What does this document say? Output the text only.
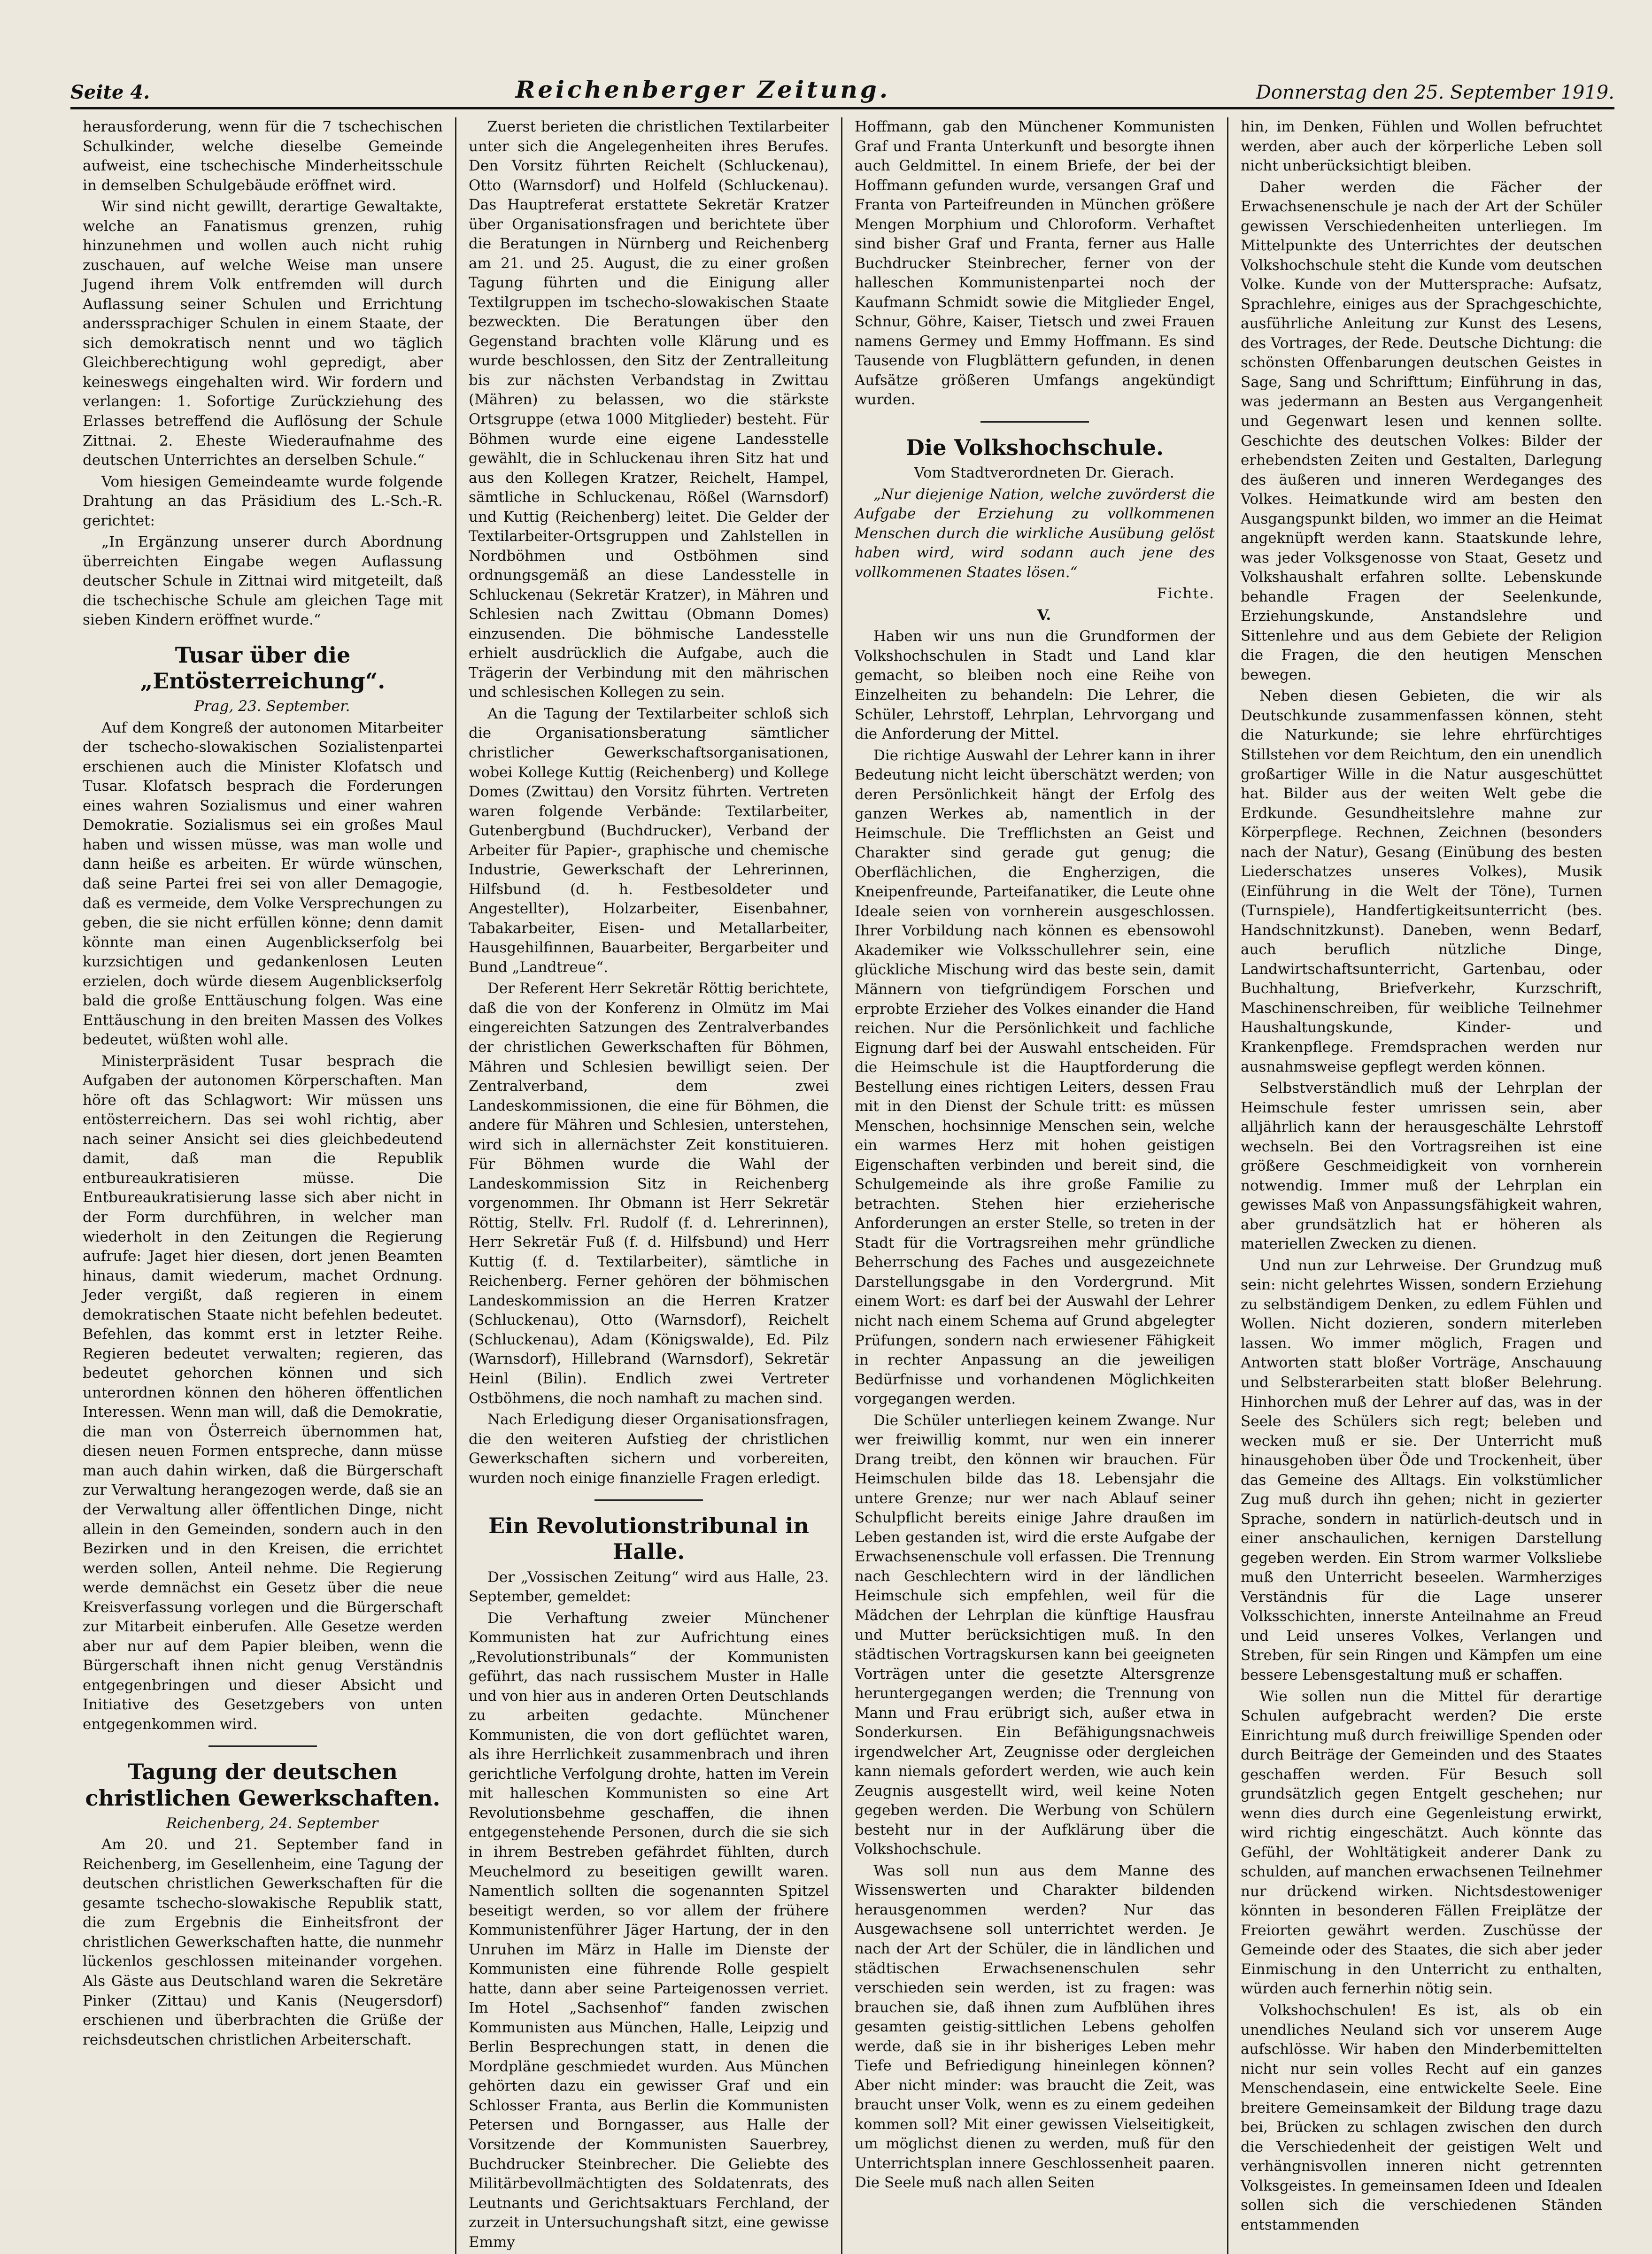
Seite 4.	Reichenberger Zeitung.	Donnerstag den 25. September 1919.

herausforderung, wenn für die 7 tschechischen Schulkinder, welche dieselbe Gemeinde aufweist, eine tschechische Minderheitsschule in demselben Schulgebäude eröffnet wird.

Wir sind nicht gewillt, derartige Gewaltakte, welche an Fanatismus grenzen, ruhig hinzunehmen und wollen auch nicht ruhig zuschauen, auf welche Weise man unsere Jugend ihrem Volk entfremden will durch Auflassung seiner Schulen und Errichtung anderssprachiger Schulen in einem Staate, der sich demokratisch nennt und wo täglich Gleichberechtigung wohl gepredigt, aber keineswegs eingehalten wird. Wir fordern und verlangen: 1. Sofortige Zurückziehung des Erlasses betreffend die Auflösung der Schule Zittnai. 2. Eheste Wiederaufnahme des deutschen Unterrichtes an derselben Schule.“

Vom hiesigen Gemeindeamte wurde folgende Drahtung an das Präsidium des L.-Sch.-R. gerichtet:

„In Ergänzung unserer durch Abordnung überreichten Eingabe wegen Auflassung deutscher Schule in Zittnai wird mitgeteilt, daß die tschechische Schule am gleichen Tage mit sieben Kindern eröffnet wurde.“

Tusar über die „Entösterreichung“.

Prag, 23. September.

Auf dem Kongreß der autonomen Mitarbeiter der tschecho-slowakischen Sozialistenpartei erschienen auch die Minister Klofatsch und Tusar. Klofatsch besprach die Forderungen eines wahren Sozialismus und einer wahren Demokratie. Sozialismus sei ein großes Maul haben und wissen müsse, was man wolle und dann heiße es arbeiten. Er würde wünschen, daß seine Partei frei sei von aller Demagogie, daß es vermeide, dem Volke Versprechungen zu geben, die sie nicht erfüllen könne; denn damit könnte man einen Augenblickserfolg bei kurzsichtigen und gedankenlosen Leuten erzielen, doch würde diesem Augenblickserfolg bald die große Enttäuschung folgen. Was eine Enttäuschung in den breiten Massen des Volkes bedeutet, wüßten wohl alle.

Ministerpräsident Tusar besprach die Aufgaben der autonomen Körperschaften. Man höre oft das Schlagwort: Wir müssen uns entösterreichern. Das sei wohl richtig, aber nach seiner Ansicht sei dies gleichbedeutend damit, daß man die Republik entbureaukratisieren müsse. Die Entbureaukratisierung lasse sich aber nicht in der Form durchführen, in welcher man wiederholt in den Zeitungen die Regierung aufrufe: Jaget hier diesen, dort jenen Beamten hinaus, damit wiederum, machet Ordnung. Jeder vergißt, daß regieren in einem demokratischen Staate nicht befehlen bedeutet. Befehlen, das kommt erst in letzter Reihe. Regieren bedeutet verwalten; regieren, das bedeutet gehorchen können und sich unterordnen können den höheren öffentlichen Interessen. Wenn man will, daß die Demokratie, die man von Österreich übernommen hat, diesen neuen Formen entspreche, dann müsse man auch dahin wirken, daß die Bürgerschaft zur Verwaltung herangezogen werde, daß sie an der Verwaltung aller öffentlichen Dinge, nicht allein in den Gemeinden, sondern auch in den Bezirken und in den Kreisen, die errichtet werden sollen, Anteil nehme. Die Regierung werde demnächst ein Gesetz über die neue Kreisverfassung vorlegen und die Bürgerschaft zur Mitarbeit einberufen. Alle Gesetze werden aber nur auf dem Papier bleiben, wenn die Bürgerschaft ihnen nicht genug Verständnis entgegenbringen und dieser Absicht und Initiative des Gesetzgebers von unten entgegenkommen wird.

Tagung der deutschen christlichen Gewerkschaften.

Reichenberg, 24. September

Am 20. und 21. September fand in Reichenberg, im Gesellenheim, eine Tagung der deutschen christlichen Gewerkschaften für die gesamte tschecho-slowakische Republik statt, die zum Ergebnis die Einheitsfront der christlichen Gewerkschaften hatte, die nunmehr lückenlos geschlossen miteinander vorgehen. Als Gäste aus Deutschland waren die Sekretäre Pinker (Zittau) und Kanis (Neugersdorf) erschienen und überbrachten die Grüße der reichsdeutschen christlichen Arbeiterschaft.

Zuerst berieten die christlichen Textilarbeiter unter sich die Angelegenheiten ihres Berufes. Den Vorsitz führten Reichelt (Schluckenau), Otto (Warnsdorf) und Holfeld (Schluckenau). Das Hauptreferat erstattete Sekretär Kratzer über Organisationsfragen und berichtete über die Beratungen in Nürnberg und Reichenberg am 21. und 25. August, die zu einer großen Tagung führten und die Einigung aller Textilgruppen im tschecho-slowakischen Staate bezweckten. Die Beratungen über den Gegenstand brachten volle Klärung und es wurde beschlossen, den Sitz der Zentralleitung bis zur nächsten Verbandstag in Zwittau (Mähren) zu belassen, wo die stärkste Ortsgruppe (etwa 1000 Mitglieder) besteht. Für Böhmen wurde eine eigene Landesstelle gewählt, die in Schluckenau ihren Sitz hat und aus den Kollegen Kratzer, Reichelt, Hampel, sämtliche in Schluckenau, Rößel (Warnsdorf) und Kuttig (Reichenberg) leitet. Die Gelder der Textilarbeiter-Ortsgruppen und Zahlstellen in Nordböhmen und Ostböhmen sind ordnungsgemäß an diese Landesstelle in Schluckenau (Sekretär Kratzer), in Mähren und Schlesien nach Zwittau (Obmann Domes) einzusenden. Die böhmische Landesstelle erhielt ausdrücklich die Aufgabe, auch die Trägerin der Verbindung mit den mährischen und schlesischen Kollegen zu sein.

An die Tagung der Textilarbeiter schloß sich die Organisationsberatung sämtlicher christlicher Gewerkschaftsorganisationen, wobei Kollege Kuttig (Reichenberg) und Kollege Domes (Zwittau) den Vorsitz führten. Vertreten waren folgende Verbände: Textilarbeiter, Gutenbergbund (Buchdrucker), Verband der Arbeiter für Papier-, graphische und chemische Industrie, Gewerkschaft der Lehrerinnen, Hilfsbund (d. h. Festbesoldeter und Angestellter), Holzarbeiter, Eisenbahner, Tabakarbeiter, Eisen- und Metallarbeiter, Hausgehilfinnen, Bauarbeiter, Bergarbeiter und Bund „Landtreue“.

Der Referent Herr Sekretär Röttig berichtete, daß die von der Konferenz in Olmütz im Mai eingereichten Satzungen des Zentralverbandes der christlichen Gewerkschaften für Böhmen, Mähren und Schlesien bewilligt seien. Der Zentralverband, dem zwei Landeskommissionen, die eine für Böhmen, die andere für Mähren und Schlesien, unterstehen, wird sich in allernächster Zeit konstituieren. Für Böhmen wurde die Wahl der Landeskommission Sitz in Reichenberg vorgenommen. Ihr Obmann ist Herr Sekretär Röttig, Stellv. Frl. Rudolf (f. d. Lehrerinnen), Herr Sekretär Fuß (f. d. Hilfsbund) und Herr Kuttig (f. d. Textilarbeiter), sämtliche in Reichenberg. Ferner gehören der böhmischen Landeskommission an die Herren Kratzer (Schluckenau), Otto (Warnsdorf), Reichelt (Schluckenau), Adam (Königswalde), Ed. Pilz (Warnsdorf), Hillebrand (Warnsdorf), Sekretär Heinl (Bilin). Endlich zwei Vertreter Ostböhmens, die noch namhaft zu machen sind.

Nach Erledigung dieser Organisationsfragen, die den weiteren Aufstieg der christlichen Gewerkschaften sichern und vorbereiten, wurden noch einige finanzielle Fragen erledigt.

Ein Revolutionstribunal in Halle.

Der „Vossischen Zeitung“ wird aus Halle, 23. September, gemeldet:

Die Verhaftung zweier Münchener Kommunisten hat zur Aufrichtung eines „Revolutionstribunals“ der Kommunisten geführt, das nach russischem Muster in Halle und von hier aus in anderen Orten Deutschlands zu arbeiten gedachte. Münchener Kommunisten, die von dort geflüchtet waren, als ihre Herrlichkeit zusammenbrach und ihren gerichtliche Verfolgung drohte, hatten im Verein mit halleschen Kommunisten so eine Art Revolutionsbehme geschaffen, die ihnen entgegenstehende Personen, durch die sie sich in ihrem Bestreben gefährdet fühlten, durch Meuchelmord zu beseitigen gewillt waren. Namentlich sollten die sogenannten Spitzel beseitigt werden, so vor allem der frühere Kommunistenführer Jäger Hartung, der in den Unruhen im März in Halle im Dienste der Kommunisten eine führende Rolle gespielt hatte, dann aber seine Parteigenossen verriet. Im Hotel „Sachsenhof“ fanden zwischen Kommunisten aus München, Halle, Leipzig und Berlin Besprechungen statt, in denen die Mordpläne geschmiedet wurden. Aus München gehörten dazu ein gewisser Graf und ein Schlosser Franta, aus Berlin die Kommunisten Petersen und Borngasser, aus Halle der Vorsitzende der Kommunisten Sauerbrey, Buchdrucker Steinbrecher. Die Geliebte des Militärbevollmächtigten des Soldatenrats, des Leutnants und Gerichtsaktuars Ferchland, der zurzeit in Untersuchungshaft sitzt, eine gewisse Emmy

Hoffmann, gab den Münchener Kommunisten Graf und Franta Unterkunft und besorgte ihnen auch Geldmittel. In einem Briefe, der bei der Hoffmann gefunden wurde, versangen Graf und Franta von Parteifreunden in München größere Mengen Morphium und Chloroform. Verhaftet sind bisher Graf und Franta, ferner aus Halle Buchdrucker Steinbrecher, ferner von der halleschen Kommunistenpartei noch der Kaufmann Schmidt sowie die Mitglieder Engel, Schnur, Göhre, Kaiser, Tietsch und zwei Frauen namens Germey und Emmy Hoffmann. Es sind Tausende von Flugblättern gefunden, in denen Aufsätze größeren Umfangs angekündigt wurden.

Die Volkshochschule.

Vom Stadtverordneten Dr. Gierach.

„Nur diejenige Nation, welche zuvörderst die Aufgabe der Erziehung zu vollkommenen Menschen durch die wirkliche Ausübung gelöst haben wird, wird sodann auch jene des vollkommenen Staates lösen.“

Fichte.

V.

Haben wir uns nun die Grundformen der Volkshochschulen in Stadt und Land klar gemacht, so bleiben noch eine Reihe von Einzelheiten zu behandeln: Die Lehrer, die Schüler, Lehrstoff, Lehrplan, Lehrvorgang und die Anforderung der Mittel.

Die richtige Auswahl der Lehrer kann in ihrer Bedeutung nicht leicht überschätzt werden; von deren Persönlichkeit hängt der Erfolg des ganzen Werkes ab, namentlich in der Heimschule. Die Trefflichsten an Geist und Charakter sind gerade gut genug; die Oberflächlichen, die Engherzigen, die Kneipenfreunde, Parteifanatiker, die Leute ohne Ideale seien von vornherein ausgeschlossen. Ihrer Vorbildung nach können es ebensowohl Akademiker wie Volksschullehrer sein, eine glückliche Mischung wird das beste sein, damit Männern von tiefgründigem Forschen und erprobte Erzieher des Volkes einander die Hand reichen. Nur die Persönlichkeit und fachliche Eignung darf bei der Auswahl entscheiden. Für die Heimschule ist die Hauptforderung die Bestellung eines richtigen Leiters, dessen Frau mit in den Dienst der Schule tritt: es müssen Menschen, hochsinnige Menschen sein, welche ein warmes Herz mit hohen geistigen Eigenschaften verbinden und bereit sind, die Schulgemeinde als ihre große Familie zu betrachten. Stehen hier erzieherische Anforderungen an erster Stelle, so treten in der Stadt für die Vortragsreihen mehr gründliche Beherrschung des Faches und ausgezeichnete Darstellungsgabe in den Vordergrund. Mit einem Wort: es darf bei der Auswahl der Lehrer nicht nach einem Schema auf Grund abgelegter Prüfungen, sondern nach erwiesener Fähigkeit in rechter Anpassung an die jeweiligen Bedürfnisse und vorhandenen Möglichkeiten vorgegangen werden.

Die Schüler unterliegen keinem Zwange. Nur wer freiwillig kommt, nur wen ein innerer Drang treibt, den können wir brauchen. Für Heimschulen bilde das 18. Lebensjahr die untere Grenze; nur wer nach Ablauf seiner Schulpflicht bereits einige Jahre draußen im Leben gestanden ist, wird die erste Aufgabe der Erwachsenenschule voll erfassen. Die Trennung nach Geschlechtern wird in der ländlichen Heimschule sich empfehlen, weil für die Mädchen der Lehrplan die künftige Hausfrau und Mutter berücksichtigen muß. In den städtischen Vortragskursen kann bei geeigneten Vorträgen unter die gesetzte Altersgrenze heruntergegangen werden; die Trennung von Mann und Frau erübrigt sich, außer etwa in Sonderkursen. Ein Befähigungsnachweis irgendwelcher Art, Zeugnisse oder dergleichen kann niemals gefordert werden, wie auch kein Zeugnis ausgestellt wird, weil keine Noten gegeben werden. Die Werbung von Schülern besteht nur in der Aufklärung über die Volkshochschule.

Was soll nun aus dem Manne des Wissenswerten und Charakter bildenden herausgenommen werden? Nur das Ausgewachsene soll unterrichtet werden. Je nach der Art der Schüler, die in ländlichen und städtischen Erwachsenenschulen sehr verschieden sein werden, ist zu fragen: was brauchen sie, daß ihnen zum Aufblühen ihres gesamten geistig-sittlichen Lebens geholfen werde, daß sie in ihr bisheriges Leben mehr Tiefe und Befriedigung hineinlegen können? Aber nicht minder: was braucht die Zeit, was braucht unser Volk, wenn es zu einem gedeihen kommen soll? Mit einer gewissen Vielseitigkeit, um möglichst dienen zu werden, muß für den Unterrichtsplan innere Geschlossenheit paaren. Die Seele muß nach allen Seiten

hin, im Denken, Fühlen und Wollen befruchtet werden, aber auch der körperliche Leben soll nicht unberücksichtigt bleiben.

Daher werden die Fächer der Erwachsenenschule je nach der Art der Schüler gewissen Verschiedenheiten unterliegen. Im Mittelpunkte des Unterrichtes der deutschen Volkshochschule steht die Kunde vom deutschen Volke. Kunde von der Muttersprache: Aufsatz, Sprachlehre, einiges aus der Sprachgeschichte, ausführliche Anleitung zur Kunst des Lesens, des Vortrages, der Rede. Deutsche Dichtung: die schönsten Offenbarungen deutschen Geistes in Sage, Sang und Schrifttum; Einführung in das, was jedermann an Besten aus Vergangenheit und Gegenwart lesen und kennen sollte. Geschichte des deutschen Volkes: Bilder der erhebendsten Zeiten und Gestalten, Darlegung des äußeren und inneren Werdeganges des Volkes. Heimatkunde wird am besten den Ausgangspunkt bilden, wo immer an die Heimat angeknüpft werden kann. Staatskunde lehre, was jeder Volksgenosse von Staat, Gesetz und Volkshaushalt erfahren sollte. Lebenskunde behandle Fragen der Seelenkunde, Erziehungskunde, Anstandslehre und Sittenlehre und aus dem Gebiete der Religion die Fragen, die den heutigen Menschen bewegen.

Neben diesen Gebieten, die wir als Deutschkunde zusammenfassen können, steht die Naturkunde; sie lehre ehrfürchtiges Stillstehen vor dem Reichtum, den ein unendlich großartiger Wille in die Natur ausgeschüttet hat. Bilder aus der weiten Welt gebe die Erdkunde. Gesundheitslehre mahne zur Körperpflege. Rechnen, Zeichnen (besonders nach der Natur), Gesang (Einübung des besten Liederschatzes unseres Volkes), Musik (Einführung in die Welt der Töne), Turnen (Turnspiele), Handfertigkeitsunterricht (bes. Handschnitzkunst). Daneben, wenn Bedarf, auch beruflich nützliche Dinge, Landwirtschaftsunterricht, Gartenbau, oder Buchhaltung, Briefverkehr, Kurzschrift, Maschinenschreiben, für weibliche Teilnehmer Haushaltungskunde, Kinder- und Krankenpflege. Fremdsprachen werden nur ausnahmsweise gepflegt werden können.

Selbstverständlich muß der Lehrplan der Heimschule fester umrissen sein, aber alljährlich kann der herausgeschälte Lehrstoff wechseln. Bei den Vortragsreihen ist eine größere Geschmeidigkeit von vornherein notwendig. Immer muß der Lehrplan ein gewisses Maß von Anpassungsfähigkeit wahren, aber grundsätzlich hat er höheren als materiellen Zwecken zu dienen.

Und nun zur Lehrweise. Der Grundzug muß sein: nicht gelehrtes Wissen, sondern Erziehung zu selbständigem Denken, zu edlem Fühlen und Wollen. Nicht dozieren, sondern miterleben lassen. Wo immer möglich, Fragen und Antworten statt bloßer Vorträge, Anschauung und Selbsterarbeiten statt bloßer Belehrung. Hinhorchen muß der Lehrer auf das, was in der Seele des Schülers sich regt; beleben und wecken muß er sie. Der Unterricht muß hinausgehoben über Öde und Trockenheit, über das Gemeine des Alltags. Ein volkstümlicher Zug muß durch ihn gehen; nicht in gezierter Sprache, sondern in natürlich-deutsch und in einer anschaulichen, kernigen Darstellung gegeben werden. Ein Strom warmer Volksliebe muß den Unterricht beseelen. Warmherziges Verständnis für die Lage unserer Volksschichten, innerste Anteilnahme an Freud und Leid unseres Volkes, Verlangen und Streben, für sein Ringen und Kämpfen um eine bessere Lebensgestaltung muß er schaffen.

Wie sollen nun die Mittel für derartige Schulen aufgebracht werden? Die erste Einrichtung muß durch freiwillige Spenden oder durch Beiträge der Gemeinden und des Staates geschaffen werden. Für Besuch soll grundsätzlich gegen Entgelt geschehen; nur wenn dies durch eine Gegenleistung erwirkt, wird richtig eingeschätzt. Auch könnte das Gefühl, der Wohltätigkeit anderer Dank zu schulden, auf manchen erwachsenen Teilnehmer nur drückend wirken. Nichtsdestoweniger könnten in besonderen Fällen Freiplätze der Freiorten gewährt werden. Zuschüsse der Gemeinde oder des Staates, die sich aber jeder Einmischung in den Unterricht zu enthalten, würden auch fernerhin nötig sein.

Volkshochschulen! Es ist, als ob ein unendliches Neuland sich vor unserem Auge aufschlösse. Wir haben den Minderbemittelten nicht nur sein volles Recht auf ein ganzes Menschendasein, eine entwickelte Seele. Eine breitere Gemeinsamkeit der Bildung trage dazu bei, Brücken zu schlagen zwischen den durch die Verschiedenheit der geistigen Welt und verhängnisvollen inneren nicht getrennten Volksgeistes. In gemeinsamen Ideen und Idealen sollen sich die verschiedenen Ständen entstammenden
